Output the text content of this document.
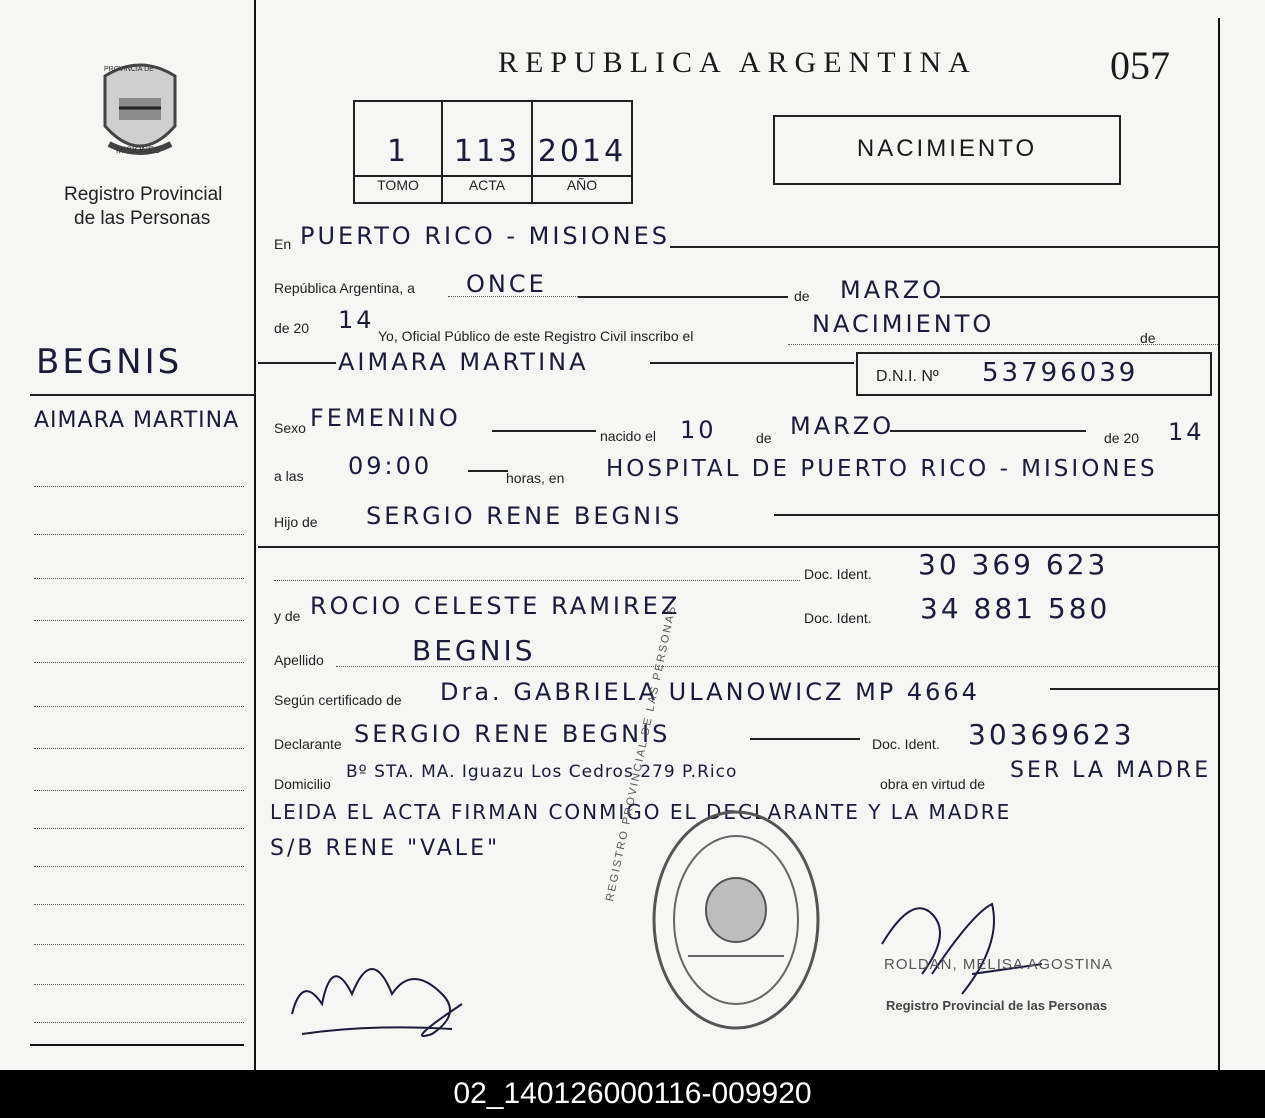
PROVINCIA DE
MISIONES
Registro Provincial
de las Personas
REPUBLICA ARGENTINA	057
1
TOMO
113
ACTA
2014
AÑO
NACIMIENTO
En PUERTO RICO - MISIONES
República Argentina, a ONCE	de MARZO
de 20 14
Yo, Oficial Público de este Registro Civil inscribo el	NACIMIENTO	de
AIMARA MARTINA
D.N.I. Nº 53796039
Sexo FEMENINO
nacido el 10	de MARZO	de 20 14
a las 09:00	horas, en HOSPITAL DE PUERTO RICO - MISIONES
Hijo de SERGIO RENE BEGNIS
Doc. Ident. 30 369 623
y de ROCIO CELESTE RAMIREZ	Doc. Ident. 34 881 580
Apellido	BEGNIS
Según certificado de Dra. GABRIELA ULANOWICZ MP 4664
Declarante SERGIO RENE BEGNIS	Doc. Ident. 30369623
Domicilio
Bº STA. MA. Iguazu Los Cedros 279 P.Rico
obra en virtud de
SER LA MADRE
LEIDA EL ACTA FIRMAN CONMIGO EL DECLARANTE Y LA MADRE
S/B RENE "VALE"	REGISTRO PROVINCIAL DE LAS PERSONAS
ROLDAN, MELISA AGOSTINA
Registro Provincial de las Personas
BEGNIS
AIMARA MARTINA
02_140126000116-009920
